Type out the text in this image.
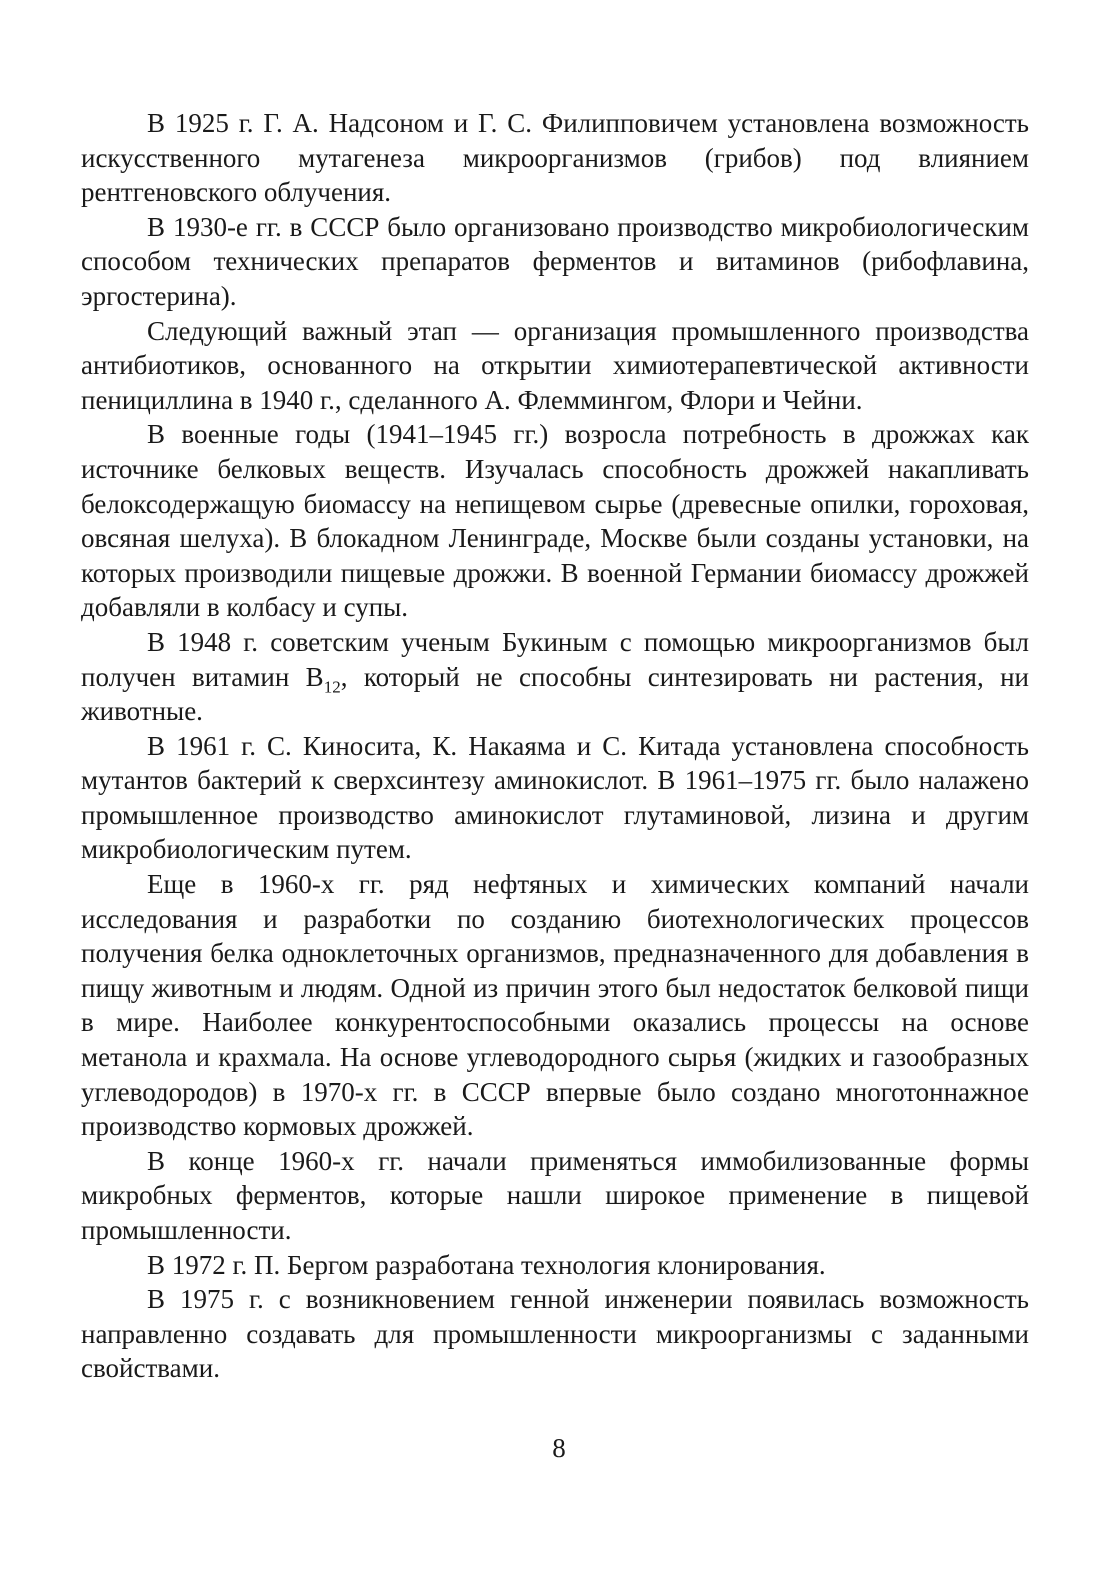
В 1925 г. Г. А. Надсоном и Г. С. Филипповичем установлена возможность искусственного мутагенеза микроорганизмов (грибов) под влиянием рентгеновского облучения.

В 1930-е гг. в СССР было организовано производство микробиологическим способом технических препаратов ферментов и витаминов (рибофлавина, эргостерина).

Следующий важный этап — организация промышленного производства антибиотиков, основанного на открытии химиотерапевтической активности пенициллина в 1940 г., сделанного А. Флеммингом, Флори и Чейни.

В военные годы (1941–1945 гг.) возросла потребность в дрожжах как источнике белковых веществ. Изучалась способность дрожжей накапливать белоксодержащую биомассу на непищевом сырье (древесные опилки, гороховая, овсяная шелуха). В блокадном Ленинграде, Москве были созданы установки, на которых производили пищевые дрожжи. В военной Германии биомассу дрожжей добавляли в колбасу и супы.

В 1948 г. советским ученым Букиным с помощью микроорганизмов был получен витамин $В_{12}$, который не способны синтезировать ни растения, ни животные.

В 1961 г. С. Киносита, К. Накаяма и С. Китада установлена способность мутантов бактерий к сверхсинтезу аминокислот. В 1961–1975 гг. было налажено промышленное производство аминокислот глутаминовой, лизина и другим микробиологическим путем.

Еще в 1960-х гг. ряд нефтяных и химических компаний начали исследования и разработки по созданию биотехнологических процессов получения белка одноклеточных организмов, предназначенного для добавления в пищу животным и людям. Одной из причин этого был недостаток белковой пищи в мире. Наиболее конкурентоспособными оказались процессы на основе метанола и крахмала. На основе углеводородного сырья (жидких и газообразных углеводородов) в 1970-х гг. в СССР впервые было создано многотоннажное производство кормовых дрожжей.

В конце 1960-х гг. начали применяться иммобилизованные формы микробных ферментов, которые нашли широкое применение в пищевой промышленности.

В 1972 г. П. Бергом разработана технология клонирования.

В 1975 г. с возникновением генной инженерии появилась возможность направленно создавать для промышленности микроорганизмы с заданными свойствами.

8
